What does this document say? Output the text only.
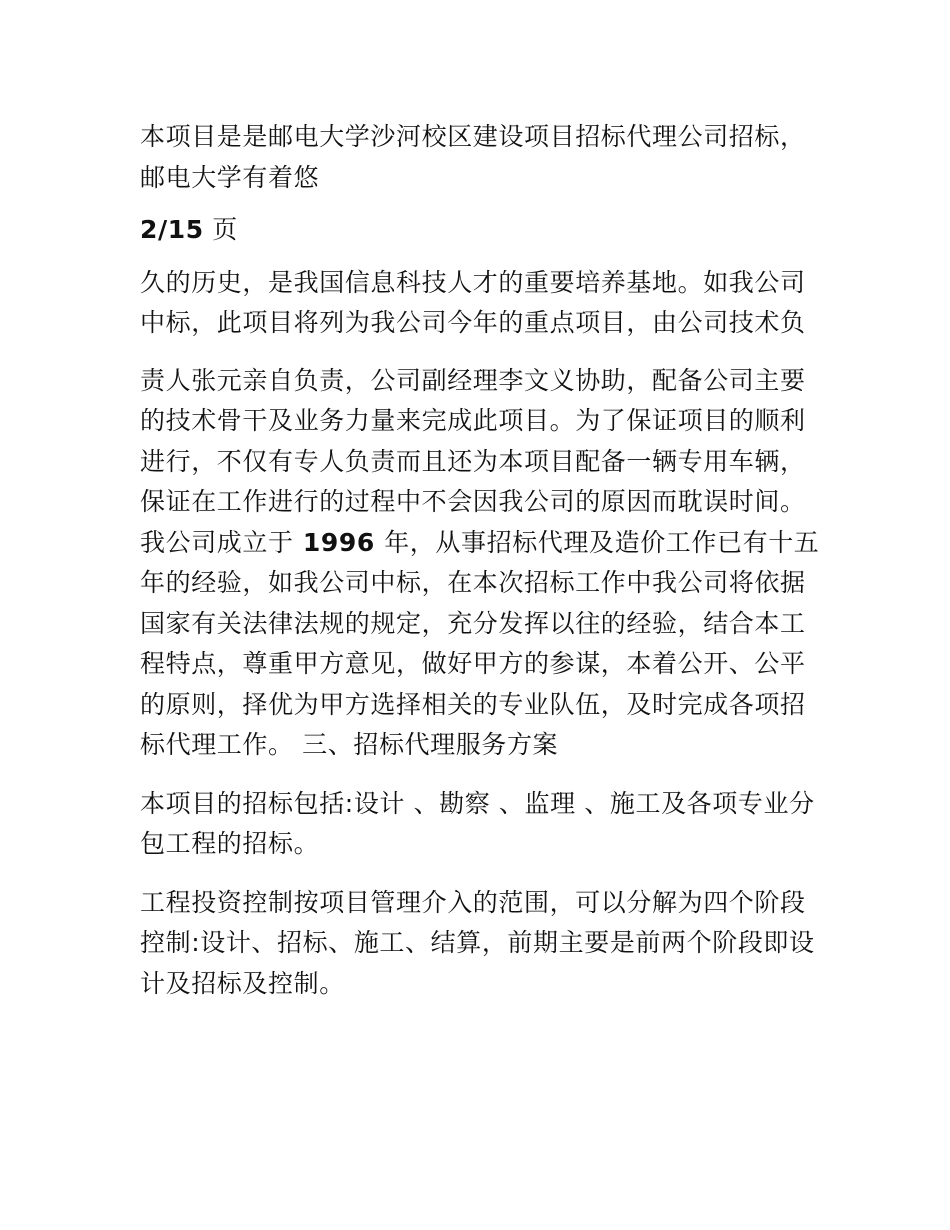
本项目是是邮电大学沙河校区建设项目招标代理公司招标，邮电大学有着悠

2/15 页

久的历史，是我国信息科技人才的重要培养基地。如我公司中标，此项目将列为我公司今年的重点项目，由公司技术负

责人张元亲自负责，公司副经理李文义协助，配备公司主要的技术骨干及业务力量来完成此项目。为了保证项目的顺利进行，不仅有专人负责而且还为本项目配备一辆专用车辆，保证在工作进行的过程中不会因我公司的原因而耽误时间。 我公司成立于 1996 年，从事招标代理及造价工作已有十五年的经验，如我公司中标，在本次招标工作中我公司将依据国家有关法律法规的规定，充分发挥以往的经验，结合本工程特点，尊重甲方意见，做好甲方的参谋，本着公开、公平的原则，择优为甲方选择相关的专业队伍，及时完成各项招标代理工作。 三、招标代理服务方案

本项目的招标包括:设计 、勘察 、监理 、施工及各项专业分包工程的招标。

工程投资控制按项目管理介入的范围，可以分解为四个阶段控制:设计、招标、施工、结算，前期主要是前两个阶段即设计及招标及控制。
